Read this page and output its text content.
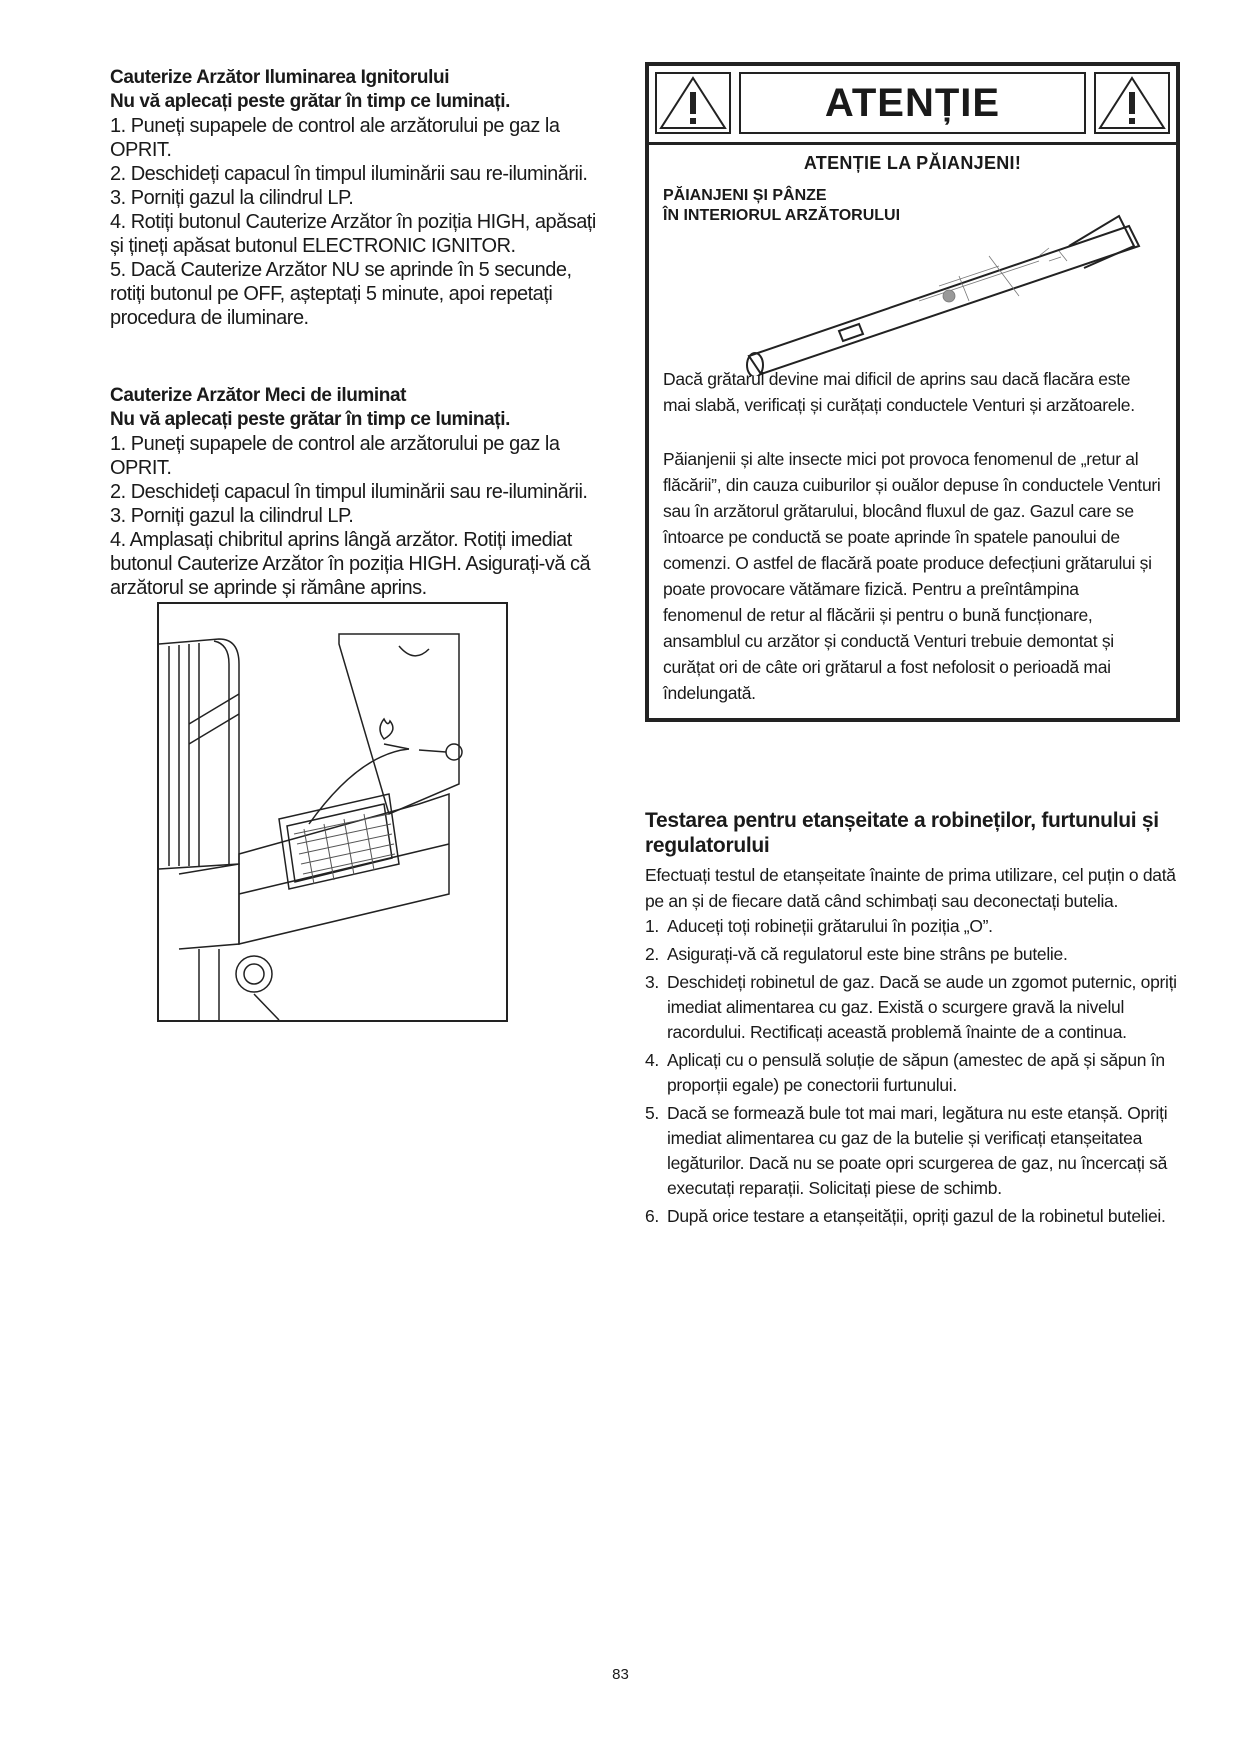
Cauterize Arzător Iluminarea Ignitorului

Nu vă aplecați peste grătar în timp ce luminați.

1. Puneți supapele de control ale arzătorului pe gaz la OPRIT.

2. Deschideți capacul în timpul iluminării sau re-iluminării.

3. Porniți gazul la cilindrul LP.

4. Rotiți butonul Cauterize Arzător în poziția HIGH, apăsați și țineți apăsat butonul ELECTRONIC IGNITOR.

5. Dacă Cauterize Arzător NU se aprinde în 5 secunde, rotiți butonul pe OFF, așteptați 5 minute, apoi repetați procedura de iluminare.

Cauterize Arzător Meci de iluminat

Nu vă aplecați peste grătar în timp ce luminați.

1. Puneți supapele de control ale arzătorului pe gaz la OPRIT.

2. Deschideți capacul în timpul iluminării sau re-iluminării.

3. Porniți gazul la cilindrul LP.

4. Amplasați chibritul aprins lângă arzător. Rotiți imediat butonul Cauterize Arzător în poziția HIGH. Asigurați-vă că arzătorul se aprinde și rămâne aprins.

ATENȚIE
ATENȚIE LA PĂIANJENI!
PĂIANJENI ȘI PÂNZE
ÎN INTERIORUL ARZĂTORULUI

Dacă grătarul devine mai dificil de aprins sau dacă flacăra este mai slabă, verificați și curățați conductele Venturi și arzătoarele.

Păianjenii și alte insecte mici pot provoca fenomenul de „retur al flăcării”, din cauza cuiburilor și ouălor depuse în conductele Venturi sau în arzătorul grătarului, blocând fluxul de gaz. Gazul care se întoarce pe conductă se poate aprinde în spatele panoului de comenzi. O astfel de flacără poate produce defecțiuni grătarului și poate provocare vătămare fizică. Pentru a preîntâmpina fenomenul de retur al flăcării și pentru o bună funcționare, ansamblul cu arzător și conductă Venturi trebuie demontat și curățat ori de câte ori grătarul a fost nefolosit o perioadă mai îndelungată.

Testarea pentru etanșeitate a robineților, furtunului și regulatorului

Efectuați testul de etanșeitate înainte de prima utilizare, cel puțin o dată pe an și de fiecare dată când schimbați sau deconectați butelia.

1. Aduceți toți robineții grătarului în poziția „O”.
2. Asigurați-vă că regulatorul este bine strâns pe butelie.
3. Deschideți robinetul de gaz. Dacă se aude un zgomot puternic, opriți imediat alimentarea cu gaz. Există o scurgere gravă la nivelul racordului. Rectificați această problemă înainte de a continua.
4. Aplicați cu o pensulă soluție de săpun (amestec de apă și săpun în proporții egale) pe conectorii furtunului.
5. Dacă se formează bule tot mai mari, legătura nu este etanșă. Opriți imediat alimentarea cu gaz de la butelie și verificați etanșeitatea legăturilor. Dacă nu se poate opri scurgerea de gaz, nu încercați să executați reparații. Solicitați piese de schimb.
6. După orice testare a etanșeității, opriți gazul de la robinetul buteliei.
83
